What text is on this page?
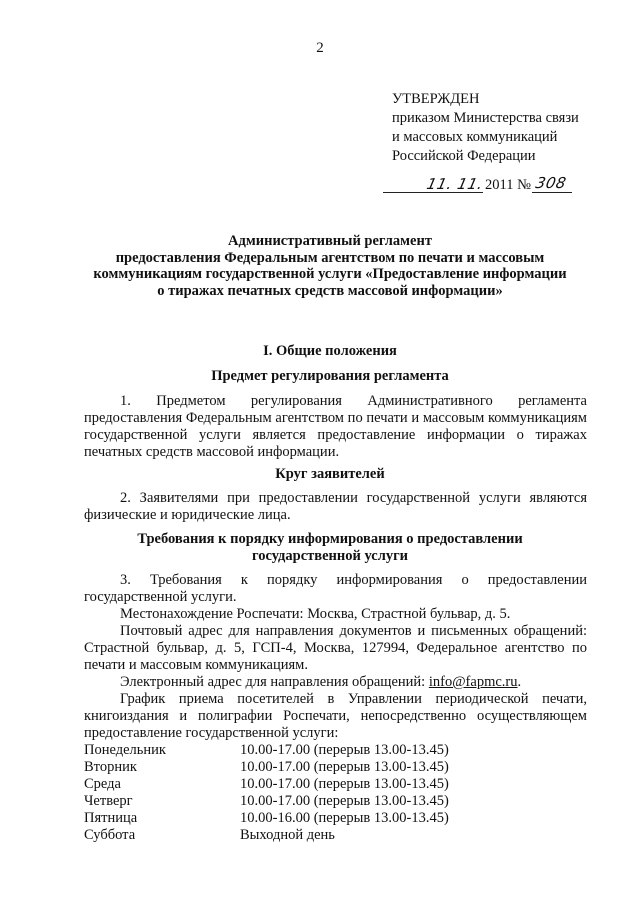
2
УТВЕРЖДЕН
приказом Министерства связи
и массовых коммуникаций
Российской Федерации
11. 11. 2011 № 308
Административный регламент
предоставления Федеральным агентством по печати и массовым
коммуникациям государственной услуги «Предоставление информации
о тиражах печатных средств массовой информации»
I. Общие положения
Предмет регулирования регламента
1. Предметом регулирования Административного регламента предоставления Федеральным агентством по печати и массовым коммуникациям государственной услуги является предоставление информации о тиражах печатных средств массовой информации.
Круг заявителей
2. Заявителями при предоставлении государственной услуги являются физические и юридические лица.
Требования к порядку информирования о предоставлении
государственной услуги
3. Требования к порядку информирования о предоставлении государственной услуги.
Местонахождение Роспечати: Москва, Страстной бульвар, д. 5.
Почтовый адрес для направления документов и письменных обращений: Страстной бульвар, д. 5, ГСП-4, Москва, 127994, Федеральное агентство по печати и массовым коммуникациям.
Электронный адрес для направления обращений: info@fapmc.ru.
График приема посетителей в Управлении периодической печати, книгоиздания и полиграфии Роспечати, непосредственно осуществляющем предоставление государственной услуги:
Понедельник	10.00-17.00 (перерыв 13.00-13.45)
Вторник	10.00-17.00 (перерыв 13.00-13.45)
Среда	10.00-17.00 (перерыв 13.00-13.45)
Четверг	10.00-17.00 (перерыв 13.00-13.45)
Пятница	10.00-16.00 (перерыв 13.00-13.45)
Суббота	Выходной день
